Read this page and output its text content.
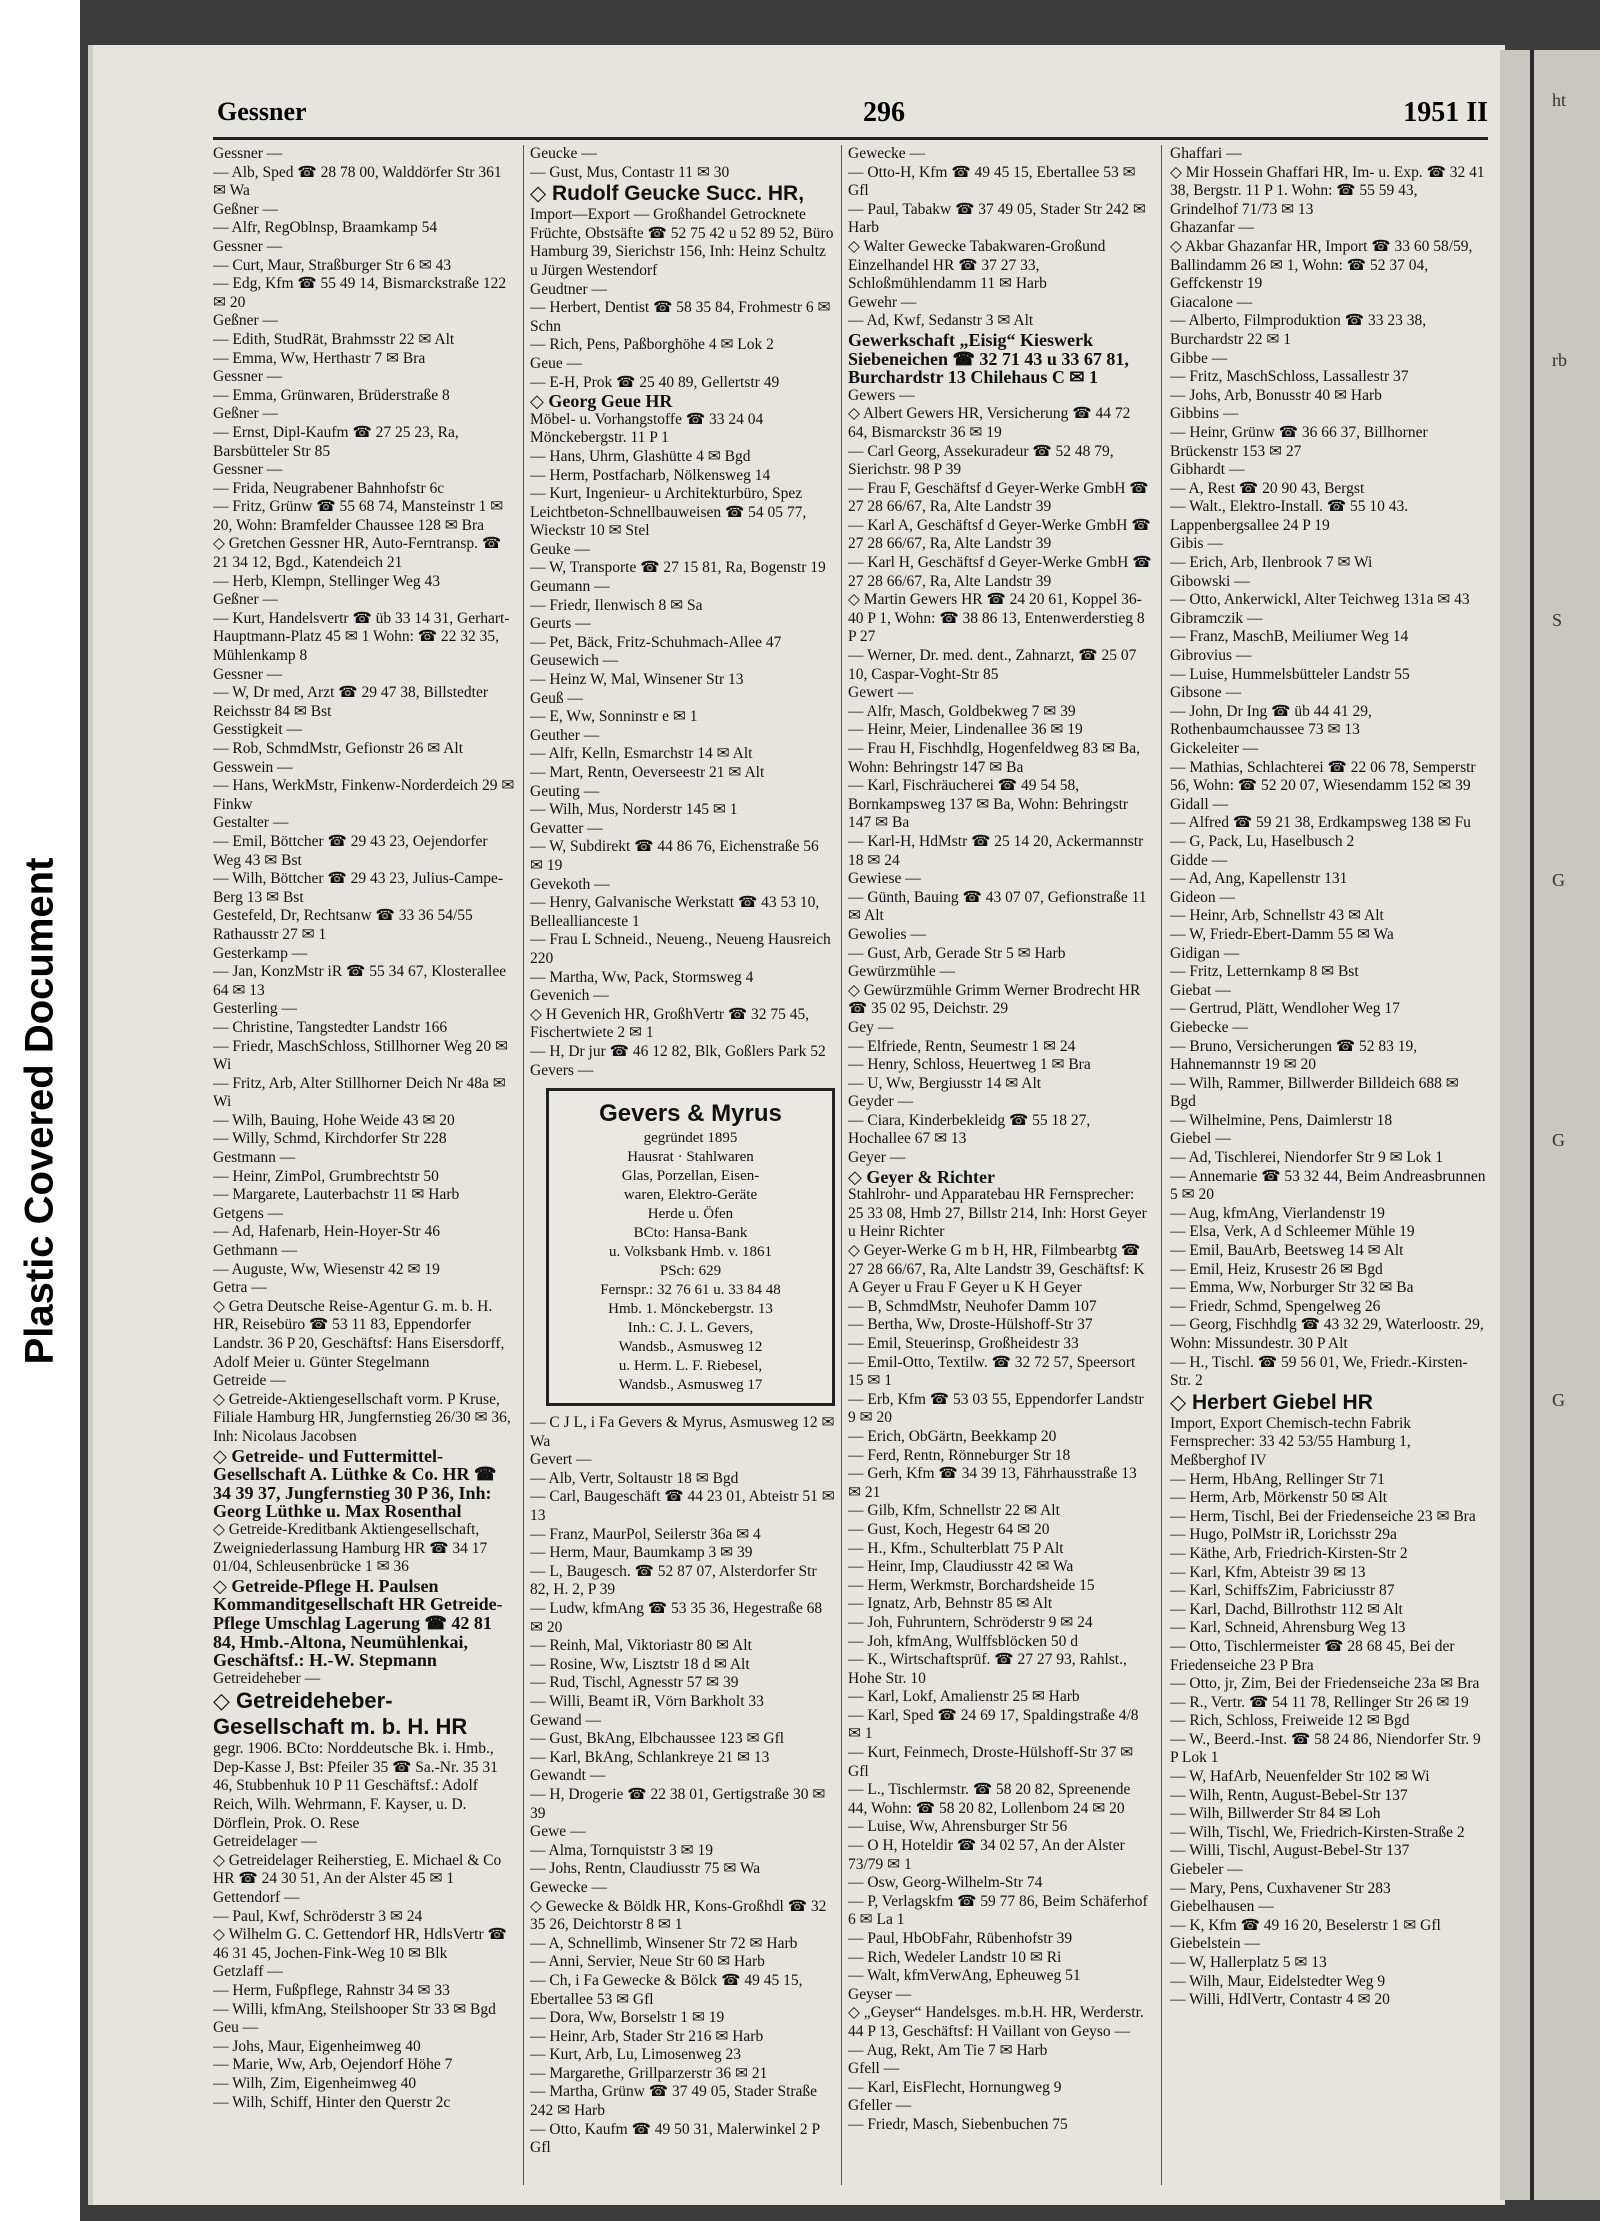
Plastic Covered Document
Gessner	296	1951 II
Gessner —
— Alb, Sped ☎ 28 78 00, Walddörfer Str 361 ✉ Wa
Geßner —
— Alfr, RegOblnsp, Braamkamp 54
Gessner —
— Curt, Maur, Straßburger Str 6 ✉ 43
— Edg, Kfm ☎ 55 49 14, Bismarckstraße 122 ✉ 20
Geßner —
— Edith, StudRät, Brahmsstr 22 ✉ Alt
— Emma, Ww, Herthastr 7 ✉ Bra
Gessner —
— Emma, Grünwaren, Brüderstraße 8
Geßner —
— Ernst, Dipl-Kaufm ☎ 27 25 23, Ra, Barsbütteler Str 85
Gessner —
— Frida, Neugrabener Bahnhofstr 6c
— Fritz, Grünw ☎ 55 68 74, Mansteinstr 1 ✉ 20, Wohn: Bramfelder Chaussee 128 ✉ Bra
◇ Gretchen Gessner HR, Auto-Ferntransp. ☎ 21 34 12, Bgd., Katendeich 21
— Herb, Klempn, Stellinger Weg 43
Geßner —
— Kurt, Handelsvertr ☎ üb 33 14 31, Gerhart-Hauptmann-Platz 45 ✉ 1 Wohn: ☎ 22 32 35, Mühlenkamp 8
Gessner —
— W, Dr med, Arzt ☎ 29 47 38, Billstedter Reichsstr 84 ✉ Bst
Gesstigkeit —
— Rob, SchmdMstr, Gefionstr 26 ✉ Alt
Gesswein —
— Hans, WerkMstr, Finkenw-Norderdeich 29 ✉ Finkw
Gestalter —
— Emil, Böttcher ☎ 29 43 23, Oejendorfer Weg 43 ✉ Bst
— Wilh, Böttcher ☎ 29 43 23, Julius-Campe-Berg 13 ✉ Bst
Gestefeld, Dr, Rechtsanw ☎ 33 36 54/55 Rathausstr 27 ✉ 1
Gesterkamp —
— Jan, KonzMstr iR ☎ 55 34 67, Klosterallee 64 ✉ 13
Gesterling —
— Christine, Tangstedter Landstr 166
— Friedr, MaschSchloss, Stillhorner Weg 20 ✉ Wi
— Fritz, Arb, Alter Stillhorner Deich Nr 48a ✉ Wi
— Wilh, Bauing, Hohe Weide 43 ✉ 20
— Willy, Schmd, Kirchdorfer Str 228
Gestmann —
— Heinr, ZimPol, Grumbrechtstr 50
— Margarete, Lauterbachstr 11 ✉ Harb
Getgens —
— Ad, Hafenarb, Hein-Hoyer-Str 46
Gethmann —
— Auguste, Ww, Wiesenstr 42 ✉ 19
Getra —
◇ Getra Deutsche Reise-Agentur G. m. b. H. HR, Reisebüro ☎ 53 11 83, Eppendorfer Landstr. 36 P 20, Geschäftsf: Hans Eisersdorff, Adolf Meier u. Günter Stegelmann
Getreide —
◇ Getreide-Aktiengesellschaft vorm. P Kruse, Filiale Hamburg HR, Jungfernstieg 26/30 ✉ 36, Inh: Nicolaus Jacobsen
◇ Getreide- und Futtermittel-Gesellschaft A. Lüthke & Co. HR ☎ 34 39 37, Jungfernstieg 30 P 36, Inh: Georg Lüthke u. Max Rosenthal
◇ Getreide-Kreditbank Aktiengesellschaft, Zweigniederlassung Hamburg HR ☎ 34 17 01/04, Schleusenbrücke 1 ✉ 36
◇ Getreide-Pflege H. Paulsen Kommanditgesellschaft HR Getreide-Pflege Umschlag Lagerung ☎ 42 81 84, Hmb.-Altona, Neumühlenkai, Geschäftsf.: H.-W. Stepmann
Getreideheber —
◇ Getreideheber-Gesellschaft m. b. H. HR
gegr. 1906. BCto: Norddeutsche Bk. i. Hmb., Dep-Kasse J, Bst: Pfeiler 35 ☎ Sa.-Nr. 35 31 46, Stubbenhuk 10 P 11 Geschäftsf.: Adolf Reich, Wilh. Wehrmann, F. Kayser, u. D. Dörflein, Prok. O. Rese
Getreidelager —
◇ Getreidelager Reiherstieg, E. Michael & Co HR ☎ 24 30 51, An der Alster 45 ✉ 1
Gettendorf —
— Paul, Kwf, Schröderstr 3 ✉ 24
◇ Wilhelm G. C. Gettendorf HR, HdlsVertr ☎ 46 31 45, Jochen-Fink-Weg 10 ✉ Blk
Getzlaff —
— Herm, Fußpflege, Rahnstr 34 ✉ 33
— Willi, kfmAng, Steilshooper Str 33 ✉ Bgd
Geu —
— Johs, Maur, Eigenheimweg 40
— Marie, Ww, Arb, Oejendorf Höhe 7
— Wilh, Zim, Eigenheimweg 40
— Wilh, Schiff, Hinter den Querstr 2c
Geucke —
— Gust, Mus, Contastr 11 ✉ 30
◇ Rudolf Geucke Succ. HR,
Import—Export — Großhandel Getrocknete Früchte, Obstsäfte ☎ 52 75 42 u 52 89 52, Büro Hamburg 39, Sierichstr 156, Inh: Heinz Schultz u Jürgen Westendorf
Geudtner —
— Herbert, Dentist ☎ 58 35 84, Frohmestr 6 ✉ Schn
— Rich, Pens, Paßborghöhe 4 ✉ Lok 2
Geue —
— E-H, Prok ☎ 25 40 89, Gellertstr 49
◇ Georg Geue HR
Möbel- u. Vorhangstoffe ☎ 33 24 04 Mönckebergstr. 11 P 1
— Hans, Uhrm, Glashütte 4 ✉ Bgd
— Herm, Postfacharb, Nölkensweg 14
— Kurt, Ingenieur- u Architekturbüro, Spez Leichtbeton-Schnellbauweisen ☎ 54 05 77, Wieckstr 10 ✉ Stel
Geuke —
— W, Transporte ☎ 27 15 81, Ra, Bogenstr 19
Geumann —
— Friedr, Ilenwisch 8 ✉ Sa
Geurts —
— Pet, Bäck, Fritz-Schuhmach-Allee 47
Geusewich —
— Heinz W, Mal, Winsener Str 13
Geuß —
— E, Ww, Sonninstr e ✉ 1
Geuther —
— Alfr, Kelln, Esmarchstr 14 ✉ Alt
— Mart, Rentn, Oeverseestr 21 ✉ Alt
Geuting —
— Wilh, Mus, Norderstr 145 ✉ 1
Gevatter —
— W, Subdirekt ☎ 44 86 76, Eichenstraße 56 ✉ 19
Gevekoth —
— Henry, Galvanische Werkstatt ☎ 43 53 10, Belleallianceste 1
— Frau L Schneid., Neueng., Neueng Hausreich 220
— Martha, Ww, Pack, Stormsweg 4
Gevenich —
◇ H Gevenich HR, GroßhVertr ☎ 32 75 45, Fischertwiete 2 ✉ 1
— H, Dr jur ☎ 46 12 82, Blk, Goßlers Park 52
Gevers —
Gevers & Myrus
gegründet 1895
Hausrat · Stahlwaren
Glas, Porzellan, Eisen-
waren, Elektro-Geräte
Herde u. Öfen
BCto: Hansa-Bank
u. Volksbank Hmb. v. 1861
PSch: 629
Fernspr.: 32 76 61 u. 33 84 48
Hmb. 1. Mönckebergstr. 13
Inh.: C. J. L. Gevers,
Wandsb., Asmusweg 12
u. Herm. L. F. Riebesel,
Wandsb., Asmusweg 17
— C J L, i Fa Gevers & Myrus, Asmusweg 12 ✉ Wa
Gevert —
— Alb, Vertr, Soltaustr 18 ✉ Bgd
— Carl, Baugeschäft ☎ 44 23 01, Abteistr 51 ✉ 13
— Franz, MaurPol, Seilerstr 36a ✉ 4
— Herm, Maur, Baumkamp 3 ✉ 39
— L, Baugesch. ☎ 52 87 07, Alsterdorfer Str 82, H. 2, P 39
— Ludw, kfmAng ☎ 53 35 36, Hegestraße 68 ✉ 20
— Reinh, Mal, Viktoriastr 80 ✉ Alt
— Rosine, Ww, Lisztstr 18 d ✉ Alt
— Rud, Tischl, Agnesstr 57 ✉ 39
— Willi, Beamt iR, Vörn Barkholt 33
Gewand —
— Gust, BkAng, Elbchaussee 123 ✉ Gfl
— Karl, BkAng, Schlankreye 21 ✉ 13
Gewandt —
— H, Drogerie ☎ 22 38 01, Gertigstraße 30 ✉ 39
Gewe —
— Alma, Tornquiststr 3 ✉ 19
— Johs, Rentn, Claudiusstr 75 ✉ Wa
Gewecke —
◇ Gewecke & Böldk HR, Kons-Großhdl ☎ 32 35 26, Deichtorstr 8 ✉ 1
— A, Schnellimb, Winsener Str 72 ✉ Harb
— Anni, Servier, Neue Str 60 ✉ Harb
— Ch, i Fa Gewecke & Bölck ☎ 49 45 15, Ebertallee 53 ✉ Gfl
— Dora, Ww, Borselstr 1 ✉ 19
— Heinr, Arb, Stader Str 216 ✉ Harb
— Kurt, Arb, Lu, Limosenweg 23
— Margarethe, Grillparzerstr 36 ✉ 21
— Martha, Grünw ☎ 37 49 05, Stader Straße 242 ✉ Harb
— Otto, Kaufm ☎ 49 50 31, Malerwinkel 2 P Gfl
Gewecke —
— Otto-H, Kfm ☎ 49 45 15, Ebertallee 53 ✉ Gfl
— Paul, Tabakw ☎ 37 49 05, Stader Str 242 ✉ Harb
◇ Walter Gewecke Tabakwaren-Großund Einzelhandel HR ☎ 37 27 33, Schloßmühlendamm 11 ✉ Harb
Gewehr —
— Ad, Kwf, Sedanstr 3 ✉ Alt
Gewerkschaft „Eisig“ Kieswerk Siebeneichen ☎ 32 71 43 u 33 67 81, Burchardstr 13 Chilehaus C ✉ 1
Gewers —
◇ Albert Gewers HR, Versicherung ☎ 44 72 64, Bismarckstr 36 ✉ 19
— Carl Georg, Assekuradeur ☎ 52 48 79, Sierichstr. 98 P 39
— Frau F, Geschäftsf d Geyer-Werke GmbH ☎ 27 28 66/67, Ra, Alte Landstr 39
— Karl A, Geschäftsf d Geyer-Werke GmbH ☎ 27 28 66/67, Ra, Alte Landstr 39
— Karl H, Geschäftsf d Geyer-Werke GmbH ☎ 27 28 66/67, Ra, Alte Landstr 39
◇ Martin Gewers HR ☎ 24 20 61, Koppel 36-40 P 1, Wohn: ☎ 38 86 13, Entenwerderstieg 8 P 27
— Werner, Dr. med. dent., Zahnarzt, ☎ 25 07 10, Caspar-Voght-Str 85
Gewert —
— Alfr, Masch, Goldbekweg 7 ✉ 39
— Heinr, Meier, Lindenallee 36 ✉ 19
— Frau H, Fischhdlg, Hogenfeldweg 83 ✉ Ba, Wohn: Behringstr 147 ✉ Ba
— Karl, Fischräucherei ☎ 49 54 58, Bornkampsweg 137 ✉ Ba, Wohn: Behringstr 147 ✉ Ba
— Karl-H, HdMstr ☎ 25 14 20, Ackermannstr 18 ✉ 24
Gewiese —
— Günth, Bauing ☎ 43 07 07, Gefionstraße 11 ✉ Alt
Gewolies —
— Gust, Arb, Gerade Str 5 ✉ Harb
Gewürzmühle —
◇ Gewürzmühle Grimm Werner Brodrecht HR ☎ 35 02 95, Deichstr. 29
Gey —
— Elfriede, Rentn, Seumestr 1 ✉ 24
— Henry, Schloss, Heuertweg 1 ✉ Bra
— U, Ww, Bergiusstr 14 ✉ Alt
Geyder —
— Ciara, Kinderbekleidg ☎ 55 18 27, Hochallee 67 ✉ 13
Geyer —
◇ Geyer & Richter
Stahlrohr- und Apparatebau HR Fernsprecher: 25 33 08, Hmb 27, Billstr 214, Inh: Horst Geyer u Heinr Richter
◇ Geyer-Werke G m b H, HR, Filmbearbtg ☎ 27 28 66/67, Ra, Alte Landstr 39, Geschäftsf: K A Geyer u Frau F Geyer u K H Geyer
— B, SchmdMstr, Neuhofer Damm 107
— Bertha, Ww, Droste-Hülshoff-Str 37
— Emil, Steuerinsp, Großheidestr 33
— Emil-Otto, Textilw. ☎ 32 72 57, Speersort 15 ✉ 1
— Erb, Kfm ☎ 53 03 55, Eppendorfer Landstr 9 ✉ 20
— Erich, ObGärtn, Beekkamp 20
— Ferd, Rentn, Rönneburger Str 18
— Gerh, Kfm ☎ 34 39 13, Fährhausstraße 13 ✉ 21
— Gilb, Kfm, Schnellstr 22 ✉ Alt
— Gust, Koch, Hegestr 64 ✉ 20
— H., Kfm., Schulterblatt 75 P Alt
— Heinr, Imp, Claudiusstr 42 ✉ Wa
— Herm, Werkmstr, Borchardsheide 15
— Ignatz, Arb, Behnstr 85 ✉ Alt
— Joh, Fuhruntern, Schröderstr 9 ✉ 24
— Joh, kfmAng, Wulffsblöcken 50 d
— K., Wirtschaftsprüf. ☎ 27 27 93, Rahlst., Hohe Str. 10
— Karl, Lokf, Amalienstr 25 ✉ Harb
— Karl, Sped ☎ 24 69 17, Spaldingstraße 4/8 ✉ 1
— Kurt, Feinmech, Droste-Hülshoff-Str 37 ✉ Gfl
— L., Tischlermstr. ☎ 58 20 82, Spreenende 44, Wohn: ☎ 58 20 82, Lollenbom 24 ✉ 20
— Luise, Ww, Ahrensburger Str 56
— O H, Hoteldir ☎ 34 02 57, An der Alster 73/79 ✉ 1
— Osw, Georg-Wilhelm-Str 74
— P, Verlagskfm ☎ 59 77 86, Beim Schäferhof 6 ✉ La 1
— Paul, HbObFahr, Rübenhofstr 39
— Rich, Wedeler Landstr 10 ✉ Ri
— Walt, kfmVerwAng, Epheuweg 51
Geyser —
◇ „Geyser“ Handelsges. m.b.H. HR, Werderstr. 44 P 13, Geschäftsf: H Vaillant von Geyso —
— Aug, Rekt, Am Tie 7 ✉ Harb
Gfell —
— Karl, EisFlecht, Hornungweg 9
Gfeller —
— Friedr, Masch, Siebenbuchen 75
Ghaffari —
◇ Mir Hossein Ghaffari HR, Im- u. Exp. ☎ 32 41 38, Bergstr. 11 P 1. Wohn: ☎ 55 59 43, Grindelhof 71/73 ✉ 13
Ghazanfar —
◇ Akbar Ghazanfar HR, Import ☎ 33 60 58/59, Ballindamm 26 ✉ 1, Wohn: ☎ 52 37 04, Geffckenstr 19
Giacalone —
— Alberto, Filmproduktion ☎ 33 23 38, Burchardstr 22 ✉ 1
Gibbe —
— Fritz, MaschSchloss, Lassallestr 37
— Johs, Arb, Bonusstr 40 ✉ Harb
Gibbins —
— Heinr, Grünw ☎ 36 66 37, Billhorner Brückenstr 153 ✉ 27
Gibhardt —
— A, Rest ☎ 20 90 43, Bergst
— Walt., Elektro-Install. ☎ 55 10 43. Lappenbergsallee 24 P 19
Gibis —
— Erich, Arb, Ilenbrook 7 ✉ Wi
Gibowski —
— Otto, Ankerwickl, Alter Teichweg 131a ✉ 43
Gibramczik —
— Franz, MaschB, Meiliumer Weg 14
Gibrovius —
— Luise, Hummelsbütteler Landstr 55
Gibsone —
— John, Dr Ing ☎ üb 44 41 29, Rothenbaumchaussee 73 ✉ 13
Gickeleiter —
— Mathias, Schlachterei ☎ 22 06 78, Semperstr 56, Wohn: ☎ 52 20 07, Wiesendamm 152 ✉ 39
Gidall —
— Alfred ☎ 59 21 38, Erdkampsweg 138 ✉ Fu
— G, Pack, Lu, Haselbusch 2
Gidde —
— Ad, Ang, Kapellenstr 131
Gideon —
— Heinr, Arb, Schnellstr 43 ✉ Alt
— W, Friedr-Ebert-Damm 55 ✉ Wa
Gidigan —
— Fritz, Letternkamp 8 ✉ Bst
Giebat —
— Gertrud, Plätt, Wendloher Weg 17
Giebecke —
— Bruno, Versicherungen ☎ 52 83 19, Hahnemannstr 19 ✉ 20
— Wilh, Rammer, Billwerder Billdeich 688 ✉ Bgd
— Wilhelmine, Pens, Daimlerstr 18
Giebel —
— Ad, Tischlerei, Niendorfer Str 9 ✉ Lok 1
— Annemarie ☎ 53 32 44, Beim Andreasbrunnen 5 ✉ 20
— Aug, kfmAng, Vierlandenstr 19
— Elsa, Verk, A d Schleemer Mühle 19
— Emil, BauArb, Beetsweg 14 ✉ Alt
— Emil, Heiz, Krusestr 26 ✉ Bgd
— Emma, Ww, Norburger Str 32 ✉ Ba
— Friedr, Schmd, Spengelweg 26
— Georg, Fischhdlg ☎ 43 32 29, Waterloostr. 29, Wohn: Missundestr. 30 P Alt
— H., Tischl. ☎ 59 56 01, We, Friedr.-Kirsten-Str. 2
◇ Herbert Giebel HR
Import, Export Chemisch-techn Fabrik Fernsprecher: 33 42 53/55 Hamburg 1, Meßberghof IV
— Herm, HbAng, Rellinger Str 71
— Herm, Arb, Mörkenstr 50 ✉ Alt
— Herm, Tischl, Bei der Friedenseiche 23 ✉ Bra
— Hugo, PolMstr iR, Lorichsstr 29a
— Käthe, Arb, Friedrich-Kirsten-Str 2
— Karl, Kfm, Abteistr 39 ✉ 13
— Karl, SchiffsZim, Fabriciusstr 87
— Karl, Dachd, Billrothstr 112 ✉ Alt
— Karl, Schneid, Ahrensburg Weg 13
— Otto, Tischlermeister ☎ 28 68 45, Bei der Friedenseiche 23 P Bra
— Otto, jr, Zim, Bei der Friedenseiche 23a ✉ Bra
— R., Vertr. ☎ 54 11 78, Rellinger Str 26 ✉ 19
— Rich, Schloss, Freiweide 12 ✉ Bgd
— W., Beerd.-Inst. ☎ 58 24 86, Niendorfer Str. 9 P Lok 1
— W, HafArb, Neuenfelder Str 102 ✉ Wi
— Wilh, Rentn, August-Bebel-Str 137
— Wilh, Billwerder Str 84 ✉ Loh
— Wilh, Tischl, We, Friedrich-Kirsten-Straße 2
— Willi, Tischl, August-Bebel-Str 137
Giebeler —
— Mary, Pens, Cuxhavener Str 283
Giebelhausen —
— K, Kfm ☎ 49 16 20, Beselerstr 1 ✉ Gfl
Giebelstein —
— W, Hallerplatz 5 ✉ 13
— Wilh, Maur, Eidelstedter Weg 9
— Willi, HdlVertr, Contastr 4 ✉ 20
ht
rb
S
G
G
G
